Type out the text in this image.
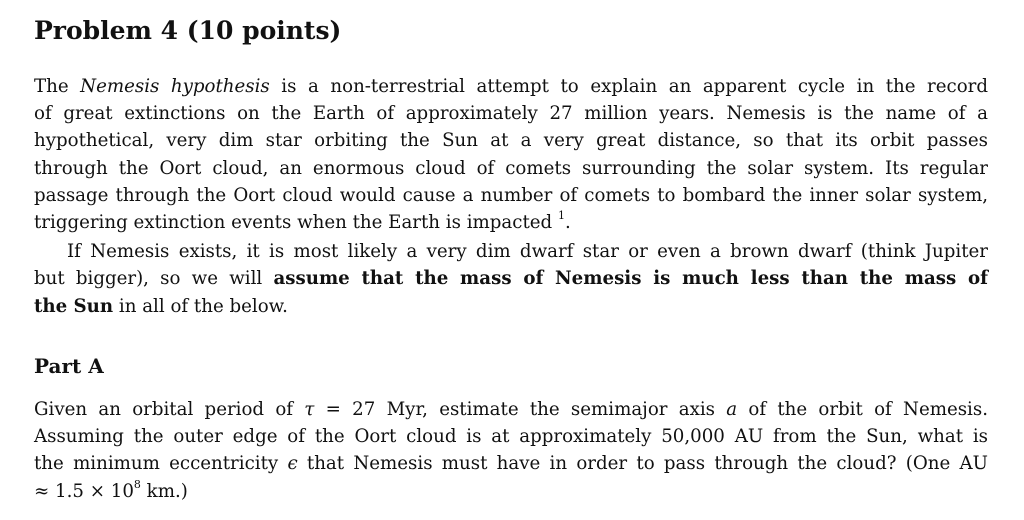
Problem 4 (10 points)
The Nemesis hypothesis is a non-terrestrial attempt to explain an apparent cycle in the record
of great extinctions on the Earth of approximately 27 million years. Nemesis is the name of a
hypothetical, very dim star orbiting the Sun at a very great distance, so that its orbit passes
through the Oort cloud, an enormous cloud of comets surrounding the solar system. Its regular
passage through the Oort cloud would cause a number of comets to bombard the inner solar system,
triggering extinction events when the Earth is impacted $^1$.
If Nemesis exists, it is most likely a very dim dwarf star or even a brown dwarf (think Jupiter
but bigger), so we will assume that the mass of Nemesis is much less than the mass of
the Sun in all of the below.
Part A
Given an orbital period of τ = 27 Myr, estimate the semimajor axis a of the orbit of Nemesis.
Assuming the outer edge of the Oort cloud is at approximately 50,000 AU from the Sun, what is
the minimum eccentricity ϵ that Nemesis must have in order to pass through the cloud? (One AU
≈ $1.5 \times 10^8$ km.)
